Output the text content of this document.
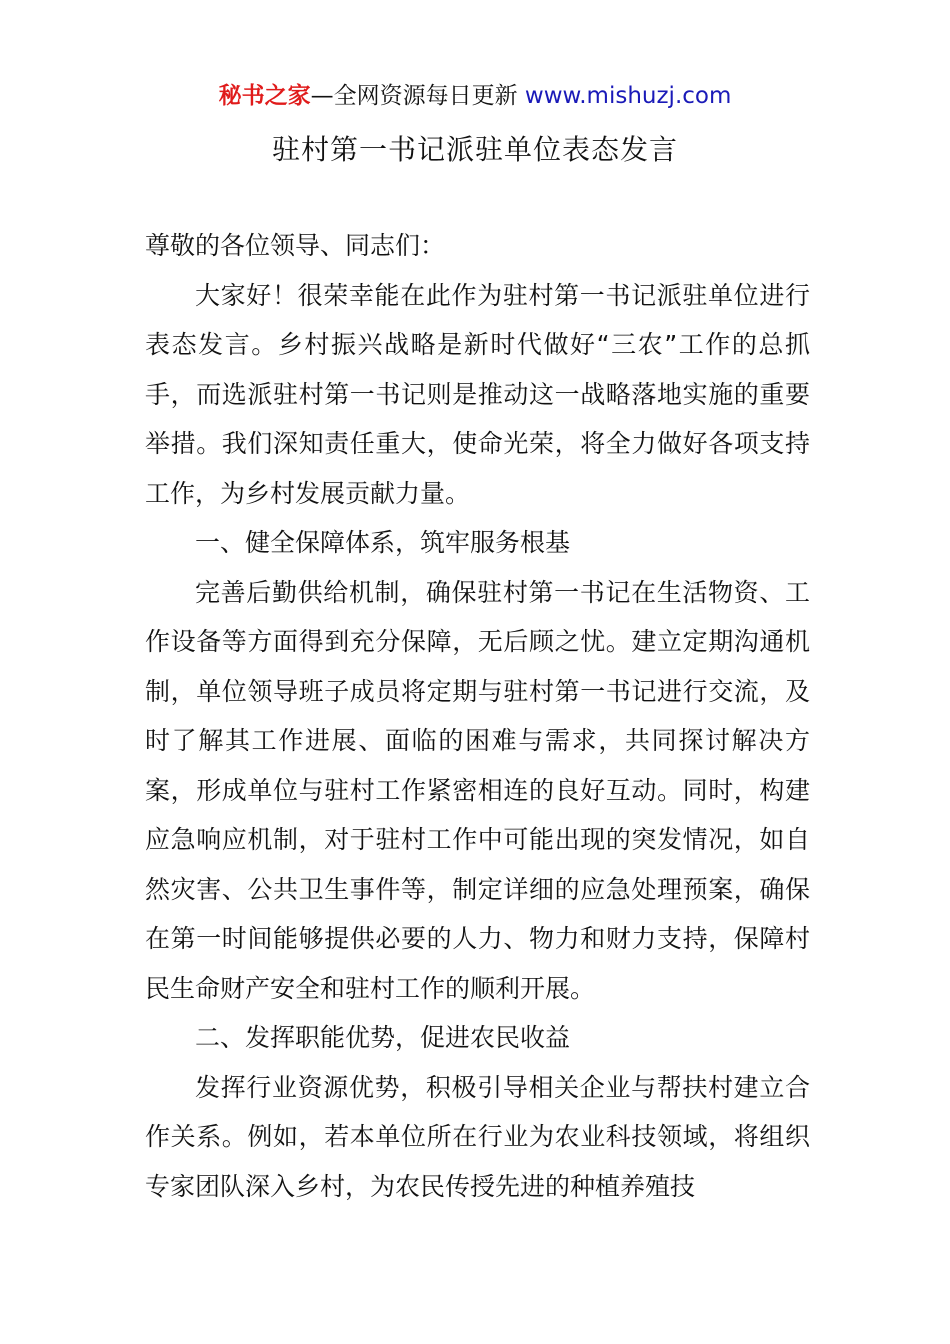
秘书之家—全网资源每日更新 www.mishuzj.com
驻村第一书记派驻单位表态发言

尊敬的各位领导、同志们：

大家好！很荣幸能在此作为驻村第一书记派驻单位进行表态发言。乡村振兴战略是新时代做好“三农”工作的总抓手，而选派驻村第一书记则是推动这一战略落地实施的重要举措。我们深知责任重大，使命光荣，将全力做好各项支持工作，为乡村发展贡献力量。

一、健全保障体系，筑牢服务根基

完善后勤供给机制，确保驻村第一书记在生活物资、工作设备等方面得到充分保障，无后顾之忧。建立定期沟通机制，单位领导班子成员将定期与驻村第一书记进行交流，及时了解其工作进展、面临的困难与需求，共同探讨解决方案，形成单位与驻村工作紧密相连的良好互动。同时，构建应急响应机制，对于驻村工作中可能出现的突发情况，如自然灾害、公共卫生事件等，制定详细的应急处理预案，确保在第一时间能够提供必要的人力、物力和财力支持，保障村民生命财产安全和驻村工作的顺利开展。

二、发挥职能优势，促进农民收益

发挥行业资源优势，积极引导相关企业与帮扶村建立合作关系。例如，若本单位所在行业为农业科技领域，将组织专家团队深入乡村，为农民传授先进的种植养殖技
